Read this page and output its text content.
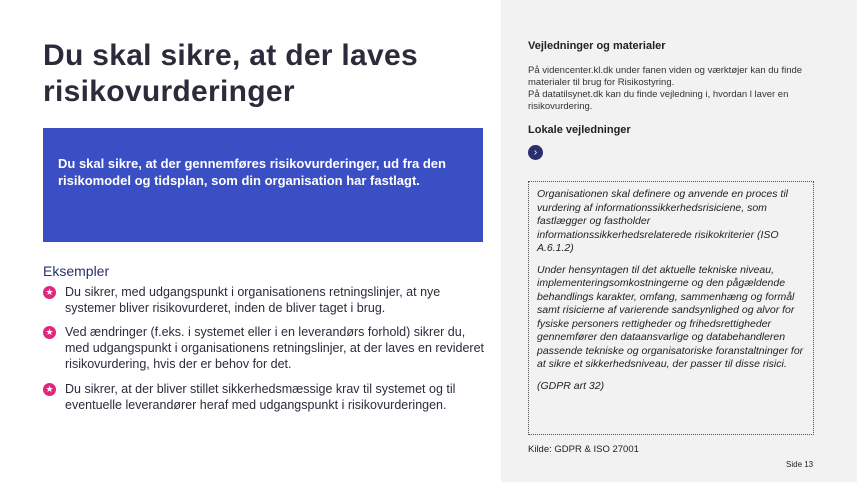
Du skal sikre, at der laves risikovurderinger

Du skal sikre, at der gennemføres risikovurderinger, ud fra den risikomodel og tidsplan, som din organisation har fastlagt.

Eksempler
★ Du sikrer, med udgangspunkt i organisationens retningslinjer, at nye systemer bliver risikovurderet, inden de bliver taget i brug.

★ Ved ændringer (f.eks. i systemet eller i en leverandørs forhold) sikrer du, med udgangspunkt i organisationens retningslinjer, at der laves en revideret risikovurdering, hvis der er behov for det.

★ Du sikrer, at der bliver stillet sikkerhedsmæssige krav til systemet og til eventuelle leverandører heraf med udgangspunkt i risikovurderingen.

Vejledninger og materialer
På videncenter.kl.dk under fanen viden og værktøjer kan du finde materialer til brug for Risikostyring.
På datatilsynet.dk kan du finde vejledning i, hvordan l laver en risikovurdering.
Lokale vejledninger
›

Organisationen skal definere og anvende en proces til vurdering af informationssikkerhedsrisiciene, som fastlægger og fastholder informationssikkerhedsrelaterede risikokriterier (ISO A.6.1.2)

Under hensyntagen til det aktuelle tekniske niveau, implementeringsomkostningerne og den pågældende behandlings karakter, omfang, sammenhæng og formål samt risicierne af varierende sandsynlighed og alvor for fysiske personers rettigheder og frihedsrettigheder gennemfører den dataansvarlige og databehandleren passende tekniske og organisatoriske foranstaltninger for at sikre et sikkerhedsniveau, der passer til disse risici.

(GDPR art 32)

Kilde: GDPR & ISO 27001
Side 13
